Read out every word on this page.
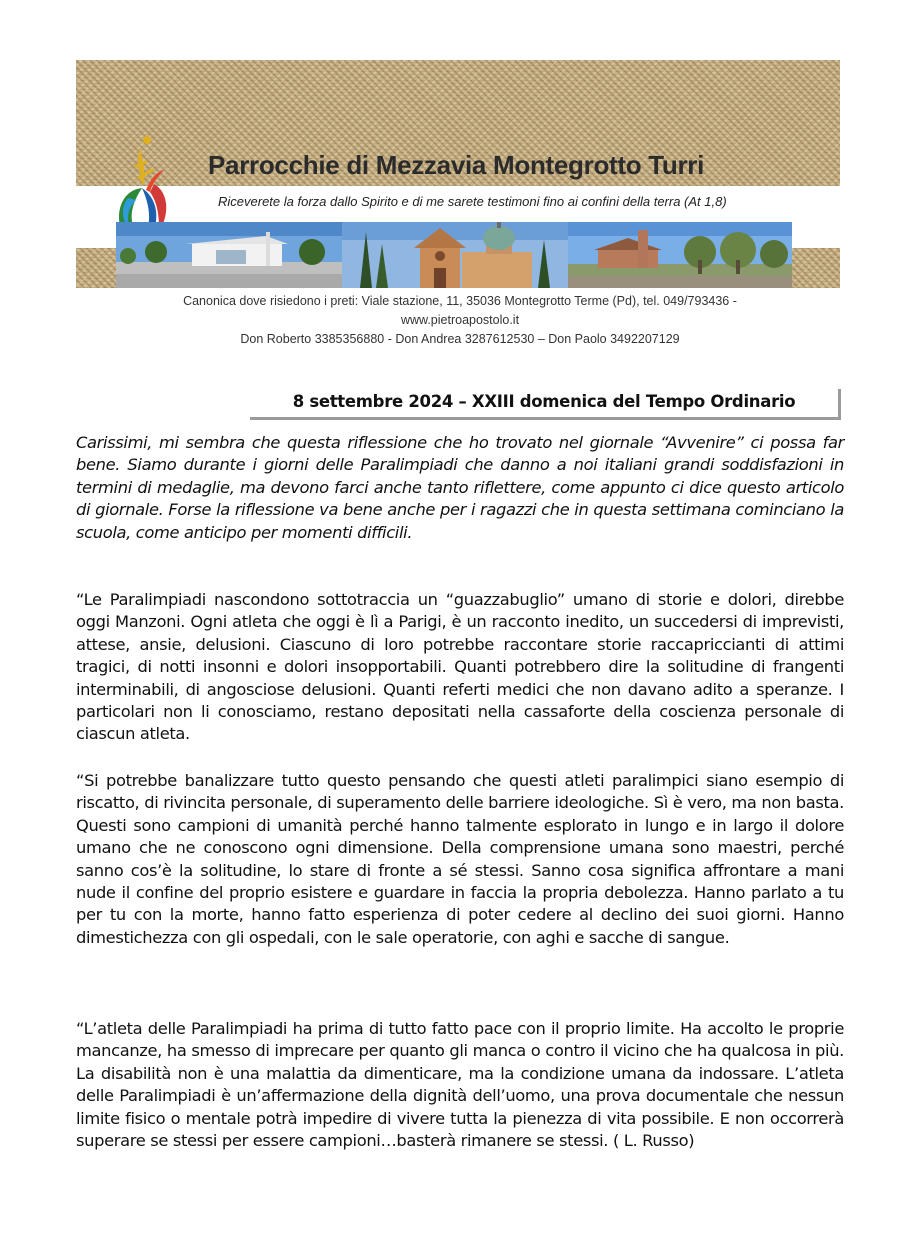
Parrocchie di Mezzavia Montegrotto Turri
Riceverete la forza dallo Spirito e di me sarete testimoni fino ai confini della terra (At 1,8)
Canonica dove risiedono i preti: Viale stazione, 11, 35036 Montegrotto Terme (Pd), tel. 049/793436 -
www.pietroapostolo.it
Don Roberto 3385356880 - Don Andrea 3287612530 – Don Paolo 3492207129
8 settembre 2024 – XXIII domenica del Tempo Ordinario

Carissimi, mi sembra che questa riflessione che ho trovato nel giornale “Avvenire” ci possa far bene. Siamo durante i giorni delle Paralimpiadi che danno a noi italiani grandi soddisfazioni in termini di medaglie, ma devono farci anche tanto riflettere, come appunto ci dice questo articolo di giornale. Forse la riflessione va bene anche per i ragazzi che in questa settimana cominciano la scuola, come anticipo per momenti difficili.

“Le Paralimpiadi nascondono sottotraccia un “guazzabuglio” umano di storie e dolori, direbbe oggi Manzoni. Ogni atleta che oggi è lì a Parigi, è un racconto inedito, un succedersi di imprevisti, attese, ansie, delusioni. Ciascuno di loro potrebbe raccontare storie raccapriccianti di attimi tragici, di notti insonni e dolori insopportabili. Quanti potrebbero dire la solitudine di frangenti interminabili, di angosciose delusioni. Quanti referti medici che non davano adito a speranze. I particolari non li conosciamo, restano depositati nella cassaforte della coscienza personale di ciascun atleta.

“Si potrebbe banalizzare tutto questo pensando che questi atleti paralimpici siano esempio di riscatto, di rivincita personale, di superamento delle barriere ideologiche. Sì è vero, ma non basta. Questi sono campioni di umanità perché hanno talmente esplorato in lungo e in largo il dolore umano che ne conoscono ogni dimensione. Della comprensione umana sono maestri, perché sanno cos’è la solitudine, lo stare di fronte a sé stessi. Sanno cosa significa affrontare a mani nude il confine del proprio esistere e guardare in faccia la propria debolezza. Hanno parlato a tu per tu con la morte, hanno fatto esperienza di poter cedere al declino dei suoi giorni. Hanno dimestichezza con gli ospedali, con le sale operatorie, con aghi e sacche di sangue.

“L’atleta delle Paralimpiadi ha prima di tutto fatto pace con il proprio limite. Ha accolto le proprie mancanze, ha smesso di imprecare per quanto gli manca o contro il vicino che ha qualcosa in più. La disabilità non è una malattia da dimenticare, ma la condizione umana da indossare. L’atleta delle Paralimpiadi è un’affermazione della dignità dell’uomo, una prova documentale che nessun limite fisico o mentale potrà impedire di vivere tutta la pienezza di vita possibile. E non occorrerà superare se stessi per essere campioni…basterà rimanere se stessi. ( L. Russo)
